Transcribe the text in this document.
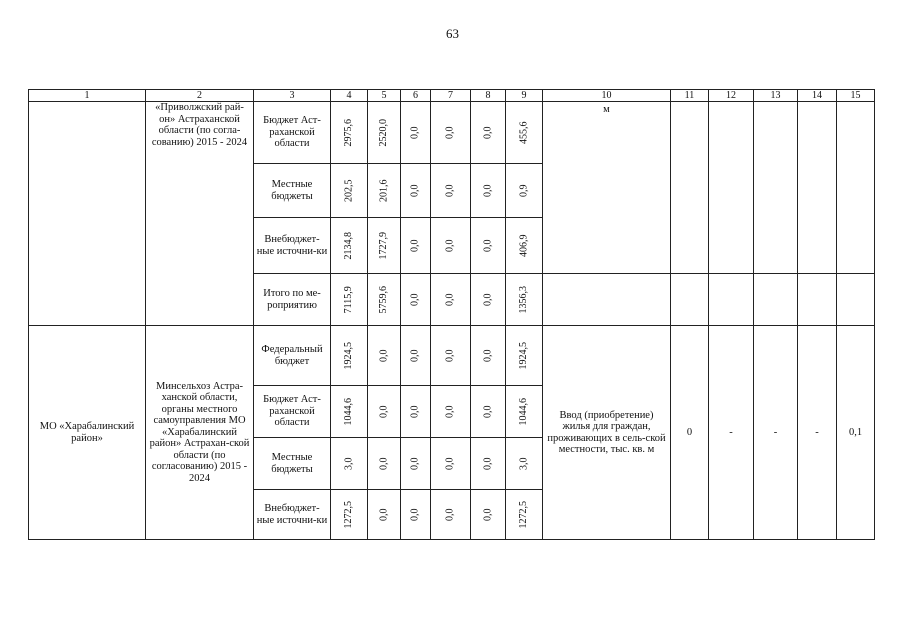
63
1	2	3	4	5	6	7	8	9	10	11	12	13	14	15
	«Приволжский рай-он» Астраханской области (по согла-сованию) 2015 - 2024	Бюджет Аст-раханской области	2975,6	2520,0	0,0	0,0	0,0	455,6	м					
		Местные бюджеты	202,5	201,6	0,0	0,0	0,0	0,9						
		Внебюджет-ные источни-ки	2134,8	1727,9	0,0	0,0	0,0	406,9						
		Итого по ме-роприятию	7115,9	5759,6	0,0	0,0	0,0	1356,3						
МО «Харабалинский район»	Минсельхоз Астра-ханской области, органы местного самоуправления МО «Харабалинский район» Астрахан-ской области (по согласованию) 2015 - 2024	Федеральный бюджет	1924,5	0,0	0,0	0,0	0,0	1924,5	Ввод (приобретение) жилья для граждан, проживающих в сель-ской местности, тыс. кв. м	0	-	-	-	0,1
		Бюджет Аст-раханской области	1044,6	0,0	0,0	0,0	0,0	1044,6						
		Местные бюджеты	3,0	0,0	0,0	0,0	0,0	3,0						
		Внебюджет-ные источни-ки	1272,5	0,0	0,0	0,0	0,0	1272,5						
